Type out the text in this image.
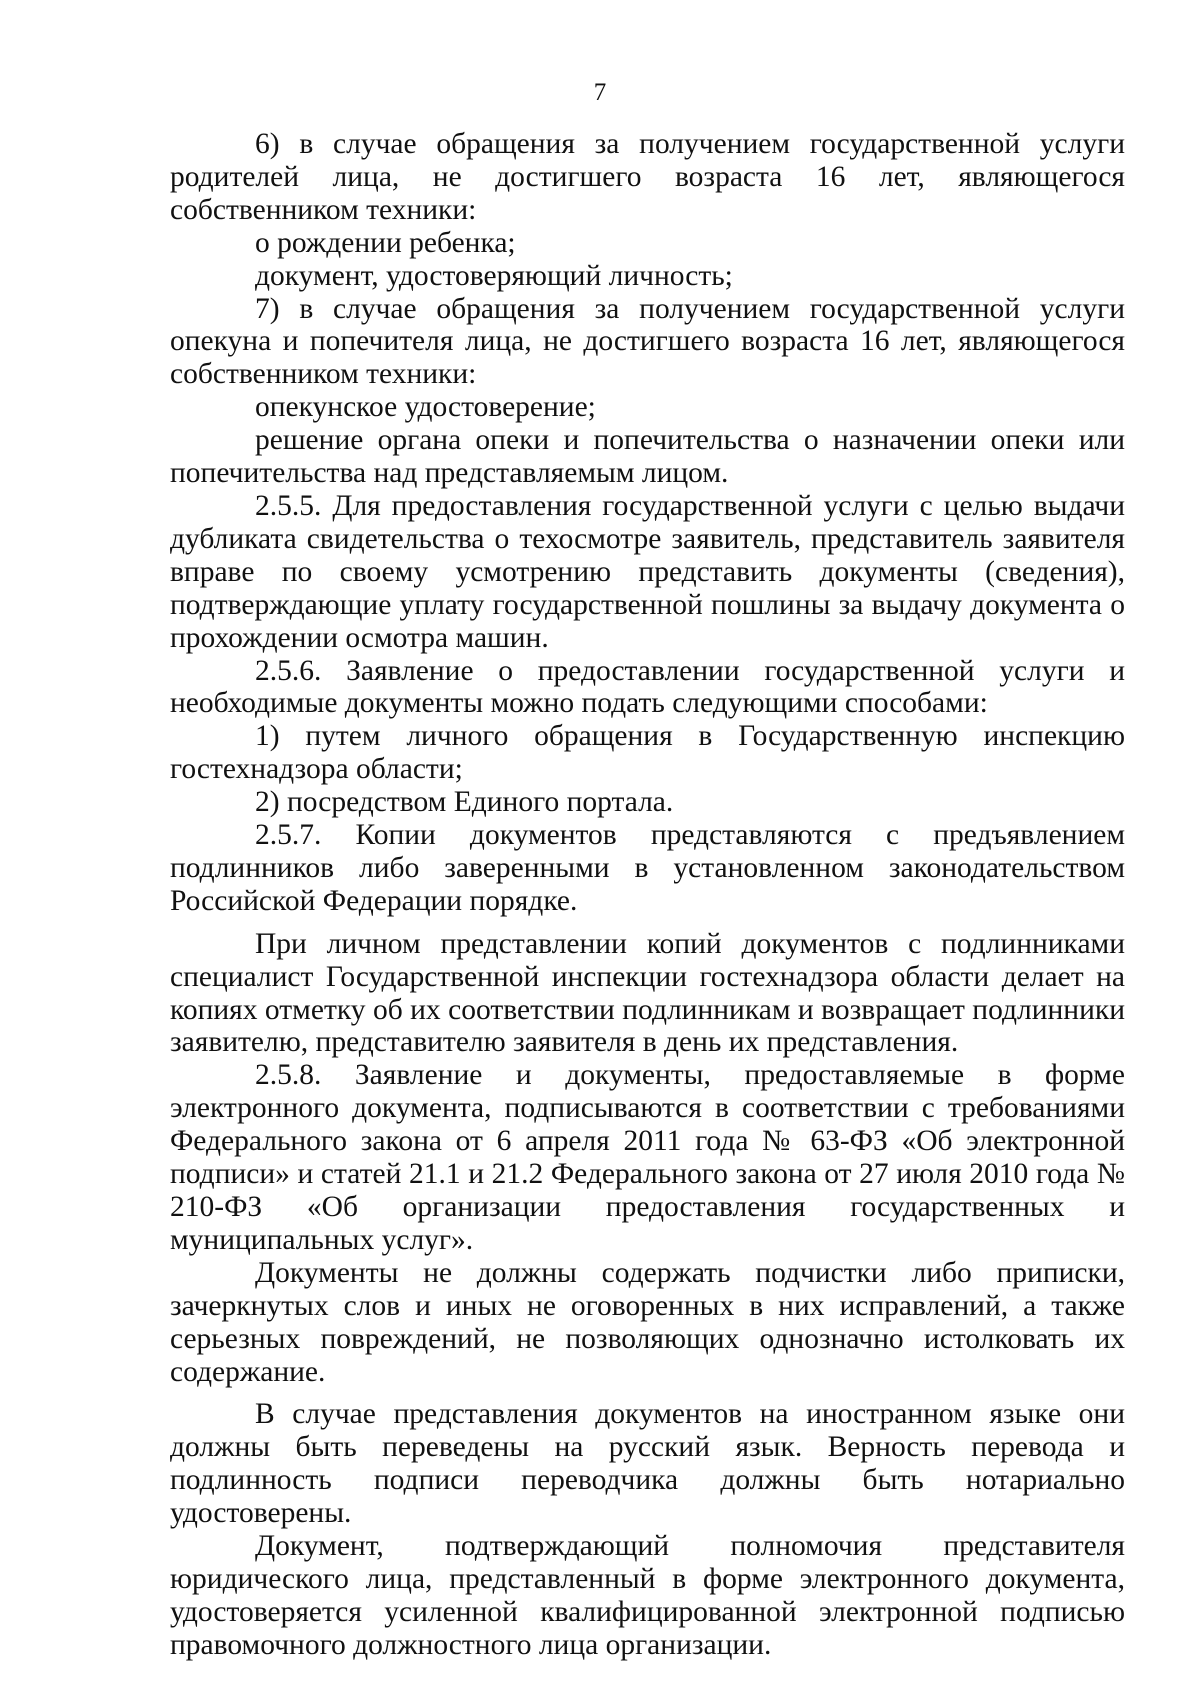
7

6) в случае обращения за получением государственной услуги родителей лица, не достигшего возраста 16 лет, являющегося собственником техники:

о рождении ребенка;

документ, удостоверяющий личность;

7) в случае обращения за получением государственной услуги опекуна и попечителя лица, не достигшего возраста 16 лет, являющегося собственником техники:

опекунское удостоверение;

решение органа опеки и попечительства о назначении опеки или попечительства над представляемым лицом.

2.5.5. Для предоставления государственной услуги с целью выдачи дубликата свидетельства о техосмотре заявитель, представитель заявителя вправе по своему усмотрению представить документы (сведения), подтверждающие уплату государственной пошлины за выдачу документа о прохождении осмотра машин.

2.5.6. Заявление о предоставлении государственной услуги и необходимые документы можно подать следующими способами:

1) путем личного обращения в Государственную инспекцию гостехнадзора области;

2) посредством Единого портала.

2.5.7. Копии документов представляются с предъявлением подлинников либо заверенными в установленном законодательством Российской Федерации порядке.

При личном представлении копий документов с подлинниками специалист Государственной инспекции гостехнадзора области делает на копиях отметку об их соответствии подлинникам и возвращает подлинники заявителю, представителю заявителя в день их представления.

2.5.8. Заявление и документы, предоставляемые в форме электронного документа, подписываются в соответствии с требованиями Федерального закона от 6 апреля 2011 года № 63-ФЗ «Об электронной подписи» и статей 21.1 и 21.2 Федерального закона от 27 июля 2010 года № 210-ФЗ «Об организации предоставления государственных и муниципальных услуг».

Документы не должны содержать подчистки либо приписки, зачеркнутых слов и иных не оговоренных в них исправлений, а также серьезных повреждений, не позволяющих однозначно истолковать их содержание.

В случае представления документов на иностранном языке они должны быть переведены на русский язык. Верность перевода и подлинность подписи переводчика должны быть нотариально удостоверены.

Документ, подтверждающий полномочия представителя юридического лица, представленный в форме электронного документа, удостоверяется усиленной квалифицированной электронной подписью правомочного должностного лица организации.
